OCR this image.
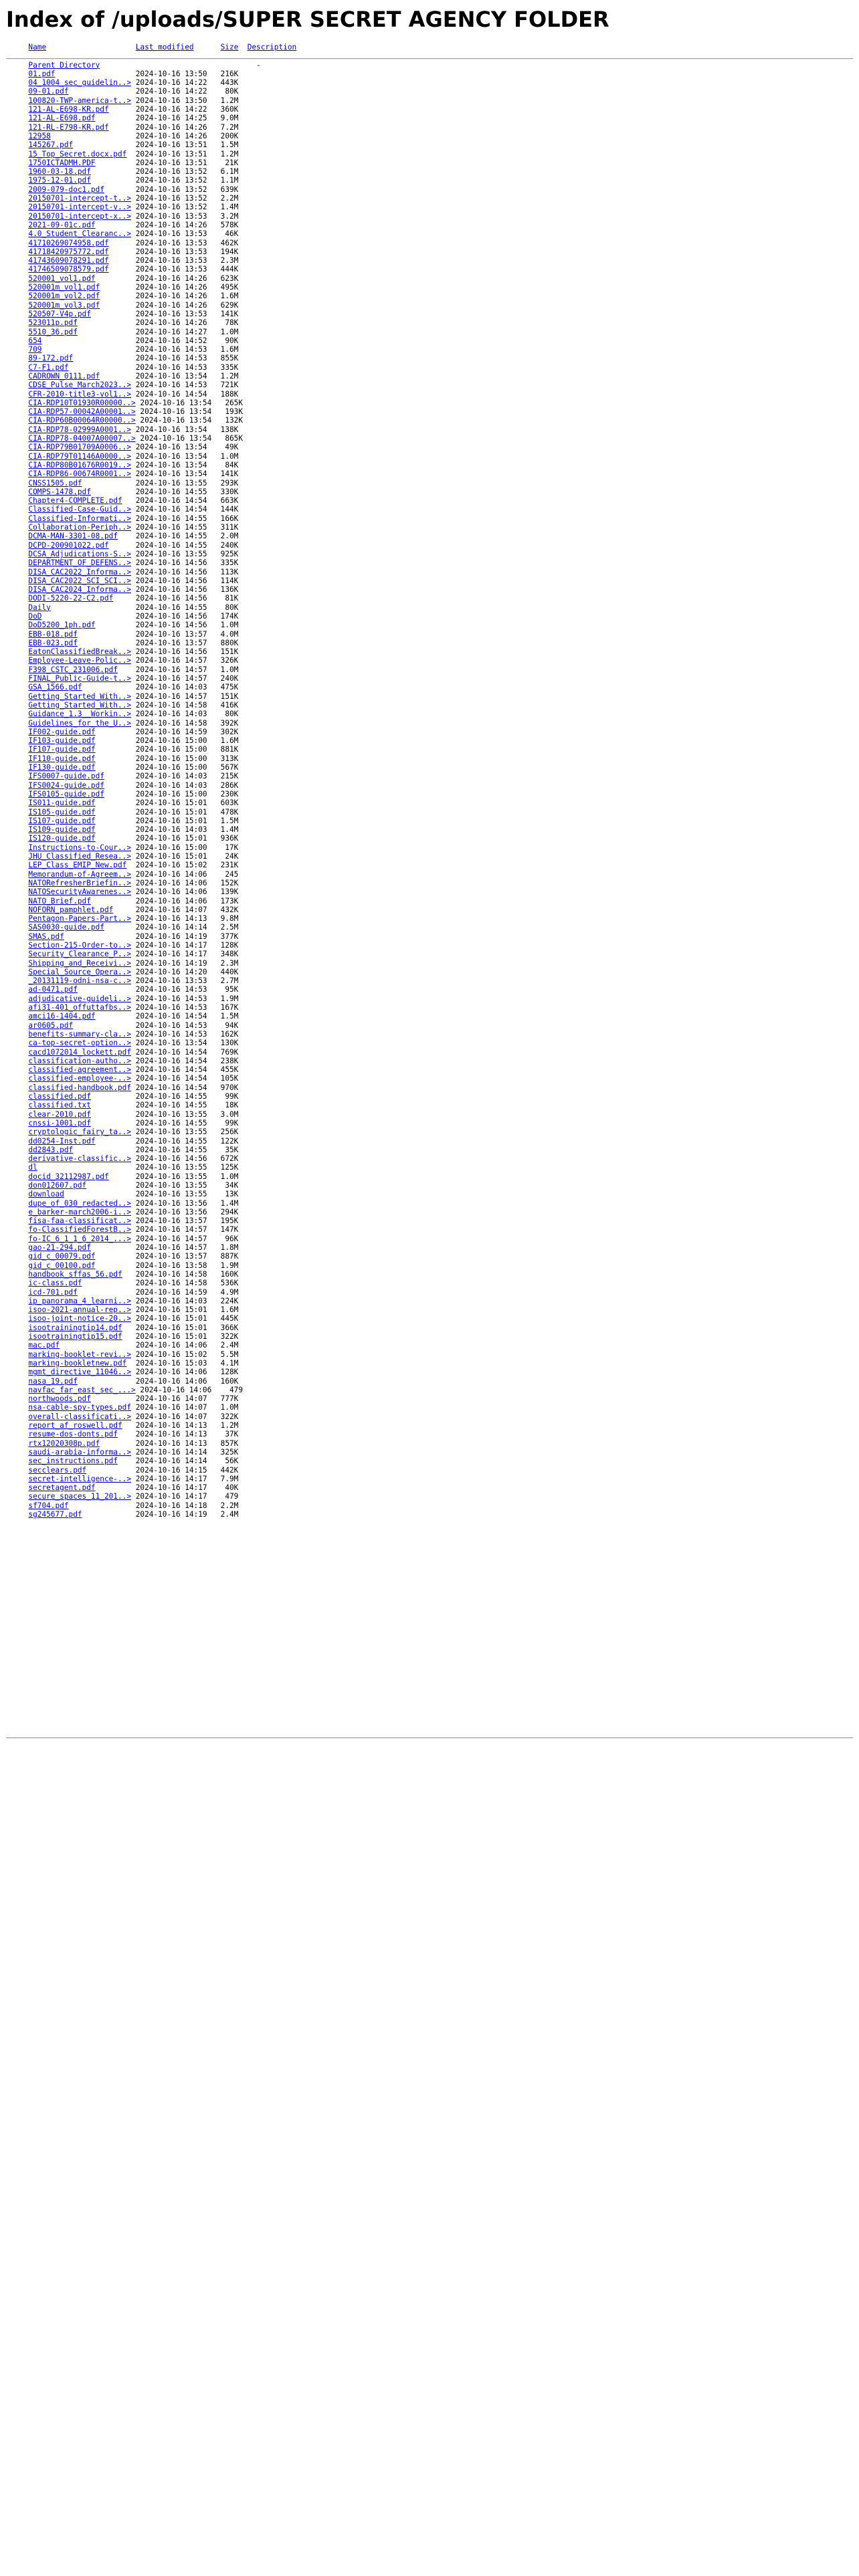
Index of /uploads/SUPER SECRET AGENCY FOLDER
Name	Last modified	Size Description
Parent Directory	-
01.pdf	2024-10-16 13:50 216K
04_1004_sec_guidelin..> 2024-10-16 14:22 443K
09-01.pdf	2024-10-16 14:22 80K
100820-TWP-america-t..> 2024-10-16 13:50 1.2M
121-AL-E698-KR.pdf	2024-10-16 14:22 360K
121-AL-E698.pdf	2024-10-16 14:25 9.0M
121-RL-E798-KR.pdf	2024-10-16 14:26 7.2M
12958	2024-10-16 14:26 200K
145267.pdf	2024-10-16 13:51 1.5M
15_Top_Secret.docx.pdf 2024-10-16 13:51 1.2M
1750ICTADMH.PDF	2024-10-16 13:51 21K
1960-03-18.pdf	2024-10-16 13:52 6.1M
1975-12-01.pdf	2024-10-16 13:52 1.1M
2009-079-doc1.pdf	2024-10-16 13:52 639K
20150701-intercept-t..> 2024-10-16 13:52 2.2M
20150701-intercept-v..> 2024-10-16 13:52 1.4M
20150701-intercept-x..> 2024-10-16 13:53 3.2M
2021-09-01c.pdf	2024-10-16 14:26 578K
4.0_Student_Clearanc..> 2024-10-16 13:53 46K
41710269074958.pdf	2024-10-16 13:53 462K
41718420975772.pdf	2024-10-16 13:53 194K
41743609078291.pdf	2024-10-16 13:53 2.3M
41746509078579.pdf	2024-10-16 13:53 444K
520001_vol1.pdf	2024-10-16 14:26 623K
520001m_vol1.pdf	2024-10-16 14:26 495K
520001m_vol2.pdf	2024-10-16 14:26 1.6M
520001m_vol3.pdf	2024-10-16 14:26 629K
520507-V4p.pdf	2024-10-16 13:53 141K
523011p.pdf	2024-10-16 14:26 78K
5510_36.pdf	2024-10-16 14:27 1.0M
654	2024-10-16 14:52 90K
709	2024-10-16 14:53 1.6M
89-172.pdf	2024-10-16 14:53 855K
C7-F1.pdf	2024-10-16 14:53 335K
CADROWN_0111.pdf	2024-10-16 13:54 1.2M
CDSE_Pulse_March2023..> 2024-10-16 14:53 721K
CFR-2010-title3-vol1..> 2024-10-16 14:54 188K
CIA-RDP10T01930R00000..> 2024-10-16 13:54 265K
CIA-RDP57-00042A00001..> 2024-10-16 13:54 193K
CIA-RDP60B00064R00000..> 2024-10-16 13:54 132K
CIA-RDP78-02999A0001..> 2024-10-16 13:54 138K
CIA-RDP78-04007A00007..> 2024-10-16 13:54 865K
CIA-RDP79B01709A0006..> 2024-10-16 13:54 49K
CIA-RDP79T01146A0000..> 2024-10-16 13:54 1.0M
CIA-RDP80B01676R0019..> 2024-10-16 13:54 84K
CIA-RDP86-00674R0001..> 2024-10-16 13:54 141K
CNSS1505.pdf	2024-10-16 13:55 293K
COMPS-1478.pdf	2024-10-16 14:55 330K
Chapter4-COMPLETE.pdf 2024-10-16 14:54 663K
Classified-Case-Guid..> 2024-10-16 14:54 144K
Classified-Informati..> 2024-10-16 14:55 166K
Collaboration-Periph..> 2024-10-16 14:55 311K
DCMA-MAN-3301-08.pdf 2024-10-16 14:55 2.0M
DCPD-200901022.pdf	2024-10-16 14:55 240K
DCSA_Adjudications-S..> 2024-10-16 13:55 925K
DEPARTMENT_OF_DEFENS..> 2024-10-16 14:56 335K
DISA_CAC2022_Informa..> 2024-10-16 14:56 113K
DISA_CAC2022_SCI_SCI..> 2024-10-16 14:56 114K
DISA_CAC2024_Informa..> 2024-10-16 14:56 136K
DODI-5220-22-C2.pdf	2024-10-16 14:56 81K
Daily	2024-10-16 14:55 80K
DoD	2024-10-16 14:56 174K
DoD5200_1ph.pdf	2024-10-16 14:56 1.0M
EBB-018.pdf	2024-10-16 13:57 4.0M
EBB-023.pdf	2024-10-16 13:57 880K
EatonClassifiedBreak..> 2024-10-16 14:56 151K
Employee-Leave-Polic..> 2024-10-16 14:57 326K
F398_CSTC_231006.pdf 2024-10-16 14:57 1.0M
FINAL_Public-Guide-t..> 2024-10-16 14:57 240K
GSA_1566.pdf	2024-10-16 14:03 475K
Getting_Started_With..> 2024-10-16 14:57 151K
Getting_Started_With..> 2024-10-16 14:58 416K
Guidance_1.3__Workin..> 2024-10-16 14:03 80K
Guidelines_for_the_U..> 2024-10-16 14:58 392K
IF002-guide.pdf	2024-10-16 14:59 302K
IF103-guide.pdf	2024-10-16 15:00 1.6M
IF107-guide.pdf	2024-10-16 15:00 881K
IF110-guide.pdf	2024-10-16 15:00 313K
IF130-guide.pdf	2024-10-16 15:00 567K
IFS0007-guide.pdf	2024-10-16 14:03 215K
IFS0024-guide.pdf	2024-10-16 14:03 286K
IFS0105-guide.pdf	2024-10-16 15:00 230K
IS011-guide.pdf	2024-10-16 15:01 603K
IS105-guide.pdf	2024-10-16 15:01 478K
IS107-guide.pdf	2024-10-16 15:01 1.5M
IS109-guide.pdf	2024-10-16 14:03 1.4M
IS120-guide.pdf	2024-10-16 15:01 936K
Instructions-to-Cour..> 2024-10-16 15:00 17K
JHU_Classified_Resea..> 2024-10-16 15:01 24K
LEP_Class_EMIP_New.pdf 2024-10-16 15:02 231K
Memorandum-of-Agreem..> 2024-10-16 14:06 245
NATORefresherBriefin..> 2024-10-16 14:06 152K
NATOSecurityAwarenes..> 2024-10-16 14:06 139K
NATO_Brief.pdf	2024-10-16 14:06 173K
NOFORN_pamphlet.pdf	2024-10-16 14:07 432K
Pentagon-Papers-Part..> 2024-10-16 14:13 9.8M
SAS0030-guide.pdf	2024-10-16 14:14 2.5M
SMAS.pdf	2024-10-16 14:19 377K
Section-215-Order-to..> 2024-10-16 14:17 128K
Security_Clearance_P..> 2024-10-16 14:17 348K
Shipping_and_Receivi..> 2024-10-16 14:19 2.3M
Special_Source_Opera..> 2024-10-16 14:20 440K
_20131119-odni-nsa-c..> 2024-10-16 13:53 2.7M
ad-0471.pdf	2024-10-16 14:53 95K
adjudicative-guideli..> 2024-10-16 14:53 1.9M
afi31-401_offuttafbs..> 2024-10-16 14:53 167K
amci16-1404.pdf	2024-10-16 14:54 1.5M
ar0605.pdf	2024-10-16 14:53 94K
benefits-summary-cla..> 2024-10-16 14:53 162K
ca-top-secret-option..> 2024-10-16 13:54 130K
cacd1072014_lockett.pdf 2024-10-16 14:54 769K
classification-autho..> 2024-10-16 14:54 238K
classified-agreement..> 2024-10-16 14:54 455K
classified-employee-..> 2024-10-16 14:54 105K
classified-handbook.pdf 2024-10-16 14:54 970K
classified.pdf	2024-10-16 14:55 99K
classified.txt	2024-10-16 14:55 18K
clear-2010.pdf	2024-10-16 13:55 3.0M
cnssi-1001.pdf	2024-10-16 14:55 99K
cryptologic_fairy_ta..> 2024-10-16 13:55 256K
dd0254-Inst.pdf	2024-10-16 14:55 122K
dd2843.pdf	2024-10-16 14:55 35K
derivative-classific..> 2024-10-16 14:56 672K
dl	2024-10-16 13:55 125K
docid_32112987.pdf	2024-10-16 13:55 1.0M
don012607.pdf	2024-10-16 13:55 34K
download	2024-10-16 13:55 13K
dupe_of_030_redacted..> 2024-10-16 13:56 1.4M
e_barker-march2006-i..> 2024-10-16 13:56 294K
fisa-faa-classificat..> 2024-10-16 13:57 195K
fo-ClassifiedForestB..> 2024-10-16 14:57 147K
fo-IC_6_1_1_6_2014_...> 2024-10-16 14:57 96K
gao-21-294.pdf	2024-10-16 14:57 1.8M
gid_c_00079.pdf	2024-10-16 13:57 887K
gid_c_00100.pdf	2024-10-16 13:58 1.9M
handbook_sffas_56.pdf 2024-10-16 14:58 160K
ic-class.pdf	2024-10-16 14:58 536K
icd-701.pdf	2024-10-16 14:59 4.9M
ip_panorama_4_learni..> 2024-10-16 14:03 224K
isoo-2021-annual-rep..> 2024-10-16 15:01 1.6M
isoo-joint-notice-20..> 2024-10-16 15:01 445K
isootrainingtip14.pdf 2024-10-16 15:01 366K
isootrainingtip15.pdf 2024-10-16 15:01 322K
mac.pdf	2024-10-16 14:06 2.4M
marking-booklet-revi..> 2024-10-16 15:02 5.5M
marking-bookletnew.pdf 2024-10-16 15:03 4.1M
mgmt_directive_11046..> 2024-10-16 14:06 128K
nasa_19.pdf	2024-10-16 14:06 160K
navfac_far_east_sec_...> 2024-10-16 14:06 479
northwoods.pdf	2024-10-16 14:07 777K
nsa-cable-spy-types.pdf 2024-10-16 14:07 1.0M
overall-classificati..> 2024-10-16 14:07 322K
report_af_roswell.pdf 2024-10-16 14:13 1.2M
resume-dos-donts.pdf 2024-10-16 14:13 37K
rtx12020308p.pdf	2024-10-16 14:13 857K
saudi-arabia-informa..> 2024-10-16 14:14 325K
sec_instructions.pdf 2024-10-16 14:14 56K
secclears.pdf	2024-10-16 14:15 442K
secret-intelligence-..> 2024-10-16 14:17 7.9M
secretagent.pdf	2024-10-16 14:17 40K
secure_spaces_11_201..> 2024-10-16 14:17 479
sf704.pdf	2024-10-16 14:18 2.2M
sg245677.pdf	2024-10-16 14:19 2.4M
